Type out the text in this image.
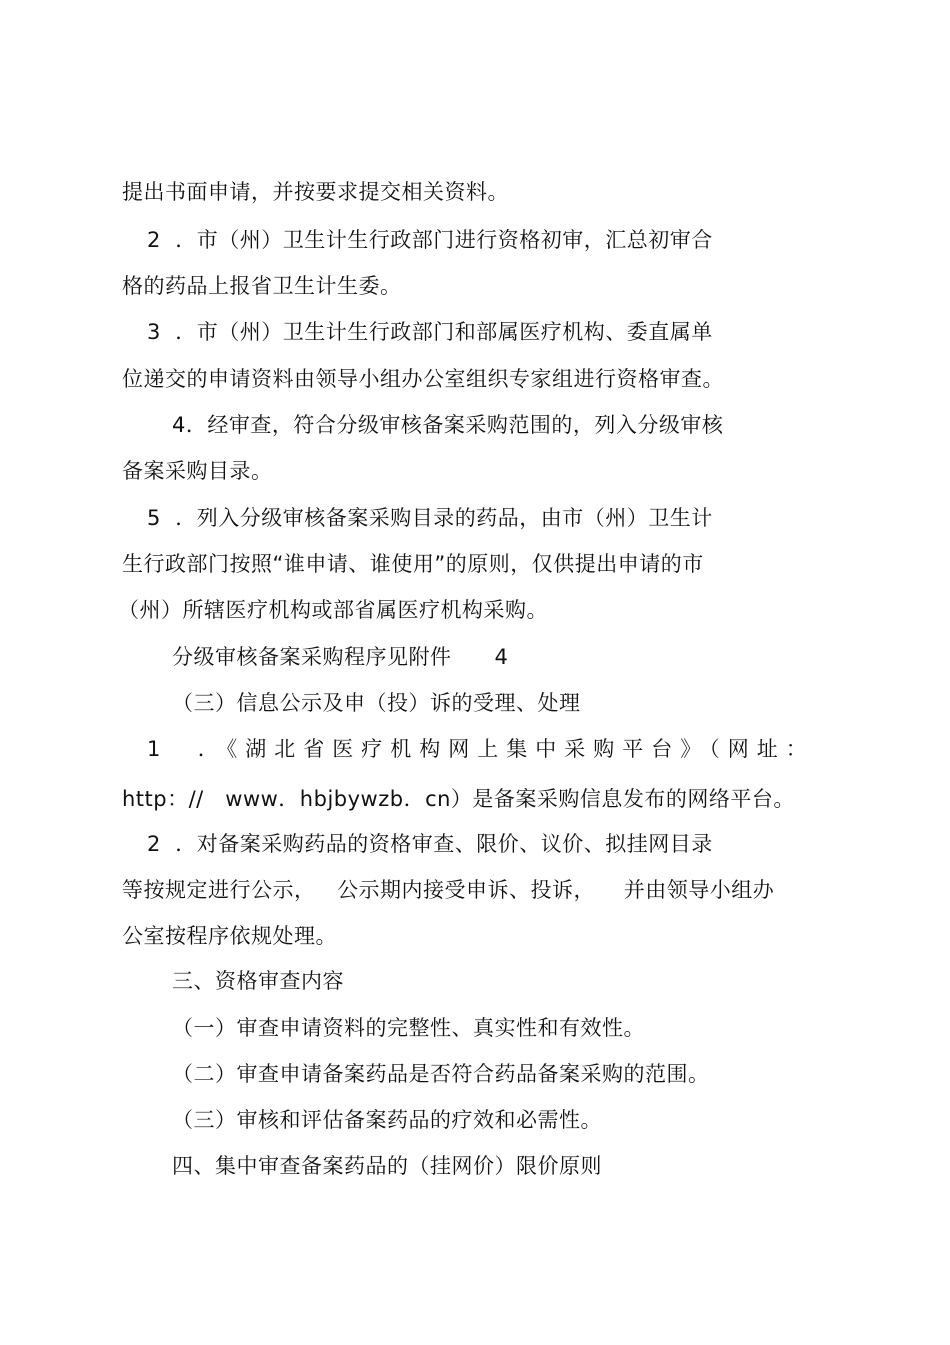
提出书面申请，并按要求提交相关资料。
2  ．市（州）卫生计生行政部门进行资格初审，汇总初审合
格的药品上报省卫生计生委。
3  ．市（州）卫生计生行政部门和部属医疗机构、委直属单
位递交的申请资料由领导小组办公室组织专家组进行资格审查。
4．经审查，符合分级审核备案采购范围的，列入分级审核
备案采购目录。
5  ．列入分级审核备案采购目录的药品，由市（州）卫生计
生行政部门按照“谁申请、谁使用”的原则，仅供提出申请的市
（州）所辖医疗机构或部省属医疗机构采购。
分级审核备案采购程序见附件      4
（三）信息公示及申（投）诉的受理、处理
1  ．《湖北省医疗机构网上集中采购平台》（网址：
http：//   www．hbjbywzb．cn）是备案采购信息发布的网络平台。
2  ．对备案采购药品的资格审查、限价、议价、拟挂网目录
等按规定进行公示，   公示期内接受申诉、投诉，    并由领导小组办
公室按程序依规处理。
三、资格审查内容
（一）审查申请资料的完整性、真实性和有效性。
（二）审查申请备案药品是否符合药品备案采购的范围。
（三）审核和评估备案药品的疗效和必需性。
四、集中审查备案药品的（挂网价）限价原则
